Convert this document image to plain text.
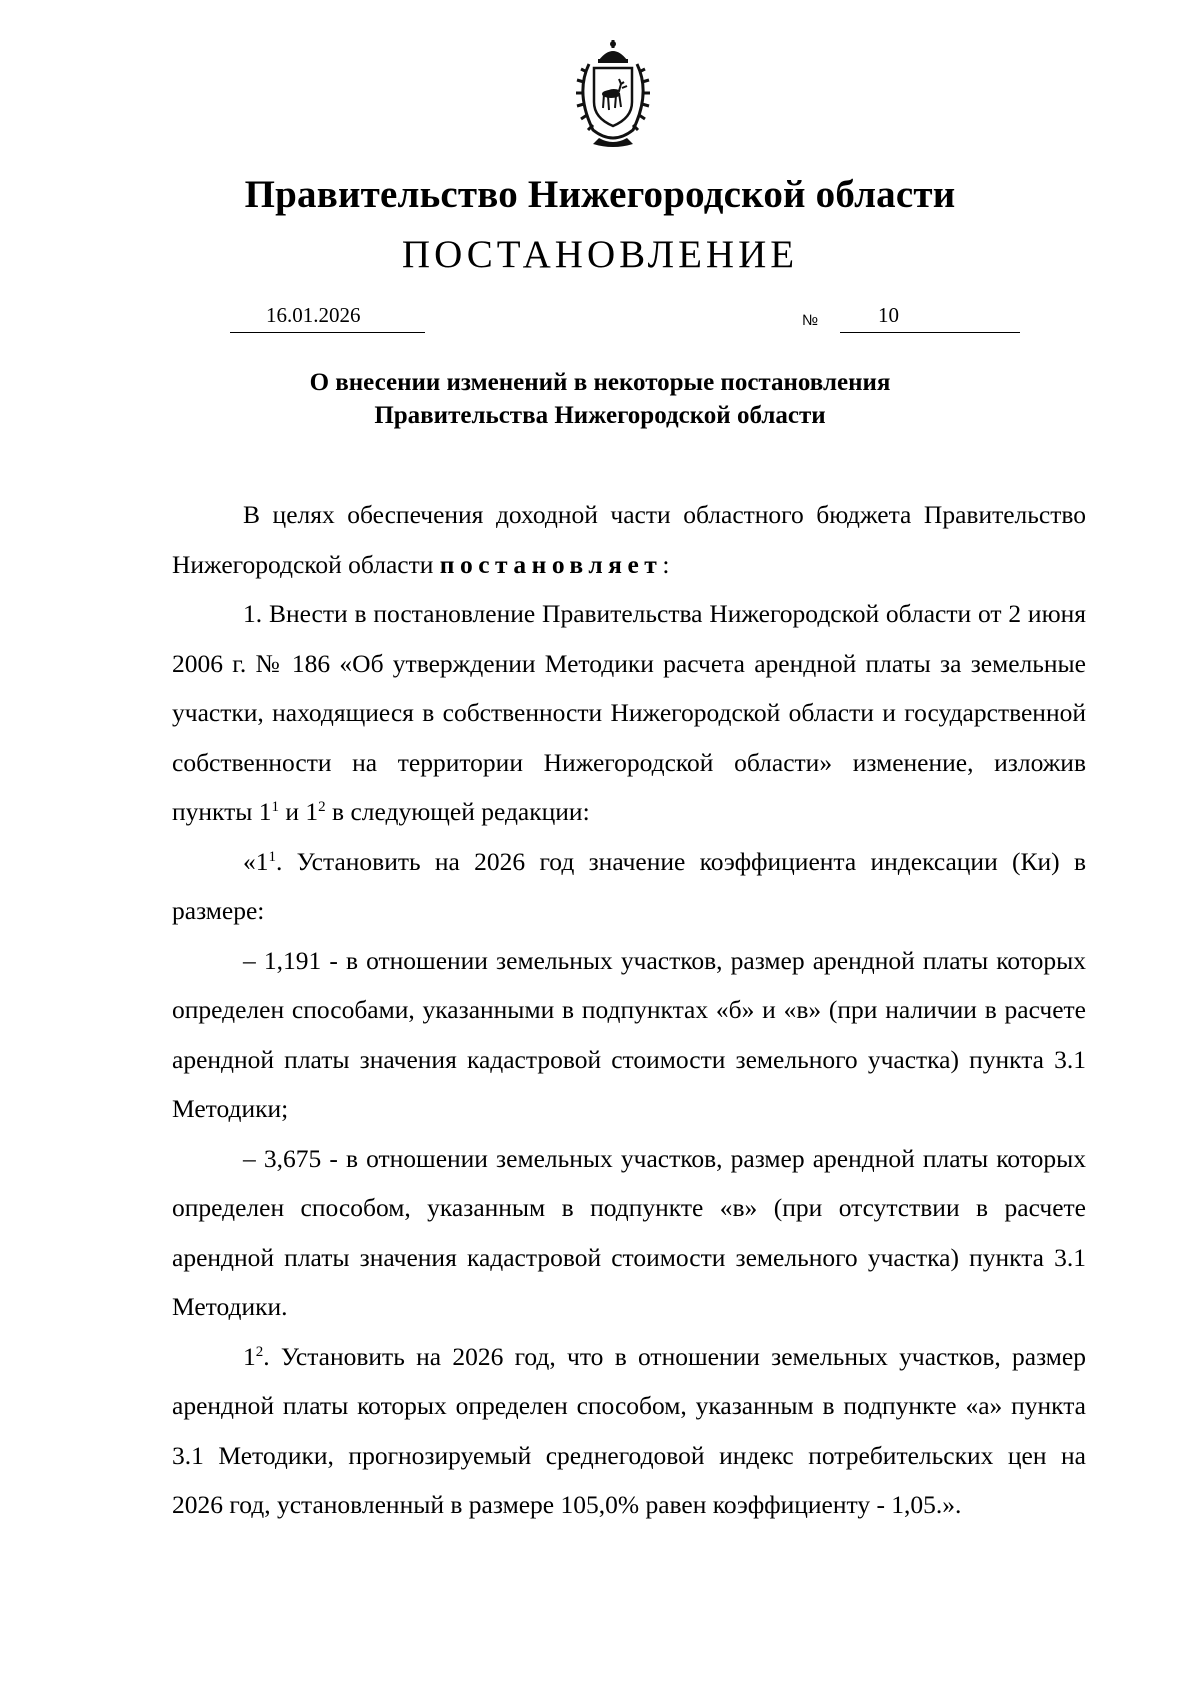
Правительство Нижегородской области
ПОСТАНОВЛЕНИЕ
16.01.2026	№	10
О внесении изменений в некоторые постановления
Правительства Нижегородской области

В целях обеспечения доходной части областного бюджета Правительство Нижегородской области постановляет:

1. Внести в постановление Правительства Нижегородской области от 2 июня 2006 г. № 186 «Об утверждении Методики расчета арендной платы за земельные участки, находящиеся в собственности Нижегородской области и государственной собственности на территории Нижегородской области» изменение, изложив пункты $1^1$ и $1^2$ в следующей редакции:

«$1^1$. Установить на 2026 год значение коэффициента индексации (Ки) в размере:

– 1,191 - в отношении земельных участков, размер арендной платы которых определен способами, указанными в подпунктах «б» и «в» (при наличии в расчете арендной платы значения кадастровой стоимости земельного участка) пункта 3.1 Методики;

– 3,675 - в отношении земельных участков, размер арендной платы которых определен способом, указанным в подпункте «в» (при отсутствии в расчете арендной платы значения кадастровой стоимости земельного участка) пункта 3.1 Методики.

$1^2$. Установить на 2026 год, что в отношении земельных участков, размер арендной платы которых определен способом, указанным в подпункте «а» пункта 3.1 Методики, прогнозируемый среднегодовой индекс потребительских цен на 2026 год, установленный в размере 105,0% равен коэффициенту - 1,05.».
